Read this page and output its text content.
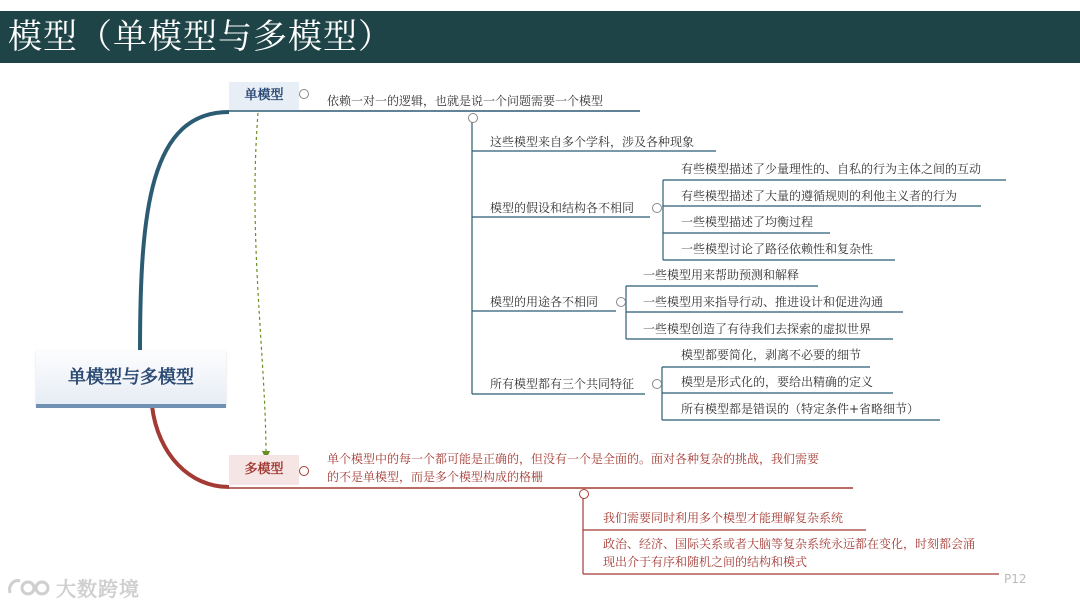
模型（单模型与多模型）
单模型与多模型
单模型	依赖一对一的逻辑，也就是说一个问题需要一个模型
这些模型来自多个学科，涉及各种现象
模型的假设和结构各不相同
有些模型描述了少量理性的、自私的行为主体之间的互动
有些模型描述了大量的遵循规则的利他主义者的行为
一些模型描述了均衡过程
一些模型讨论了路径依赖性和复杂性
模型的用途各不相同
一些模型用来帮助预测和解释
一些模型用来指导行动、推进设计和促进沟通
一些模型创造了有待我们去探索的虚拟世界
所有模型都有三个共同特征
模型都要简化，剥离不必要的细节
模型是形式化的，要给出精确的定义
所有模型都是错误的（特定条件+省略细节）
多模型
单个模型中的每一个都可能是正确的，但没有一个是全面的。面对各种复杂的挑战，我们需要
的不是单模型，而是多个模型构成的格栅
我们需要同时利用多个模型才能理解复杂系统
政治、经济、国际关系或者大脑等复杂系统永远都在变化，时刻都会涌
现出介于有序和随机之间的结构和模式
大数跨境	P12
